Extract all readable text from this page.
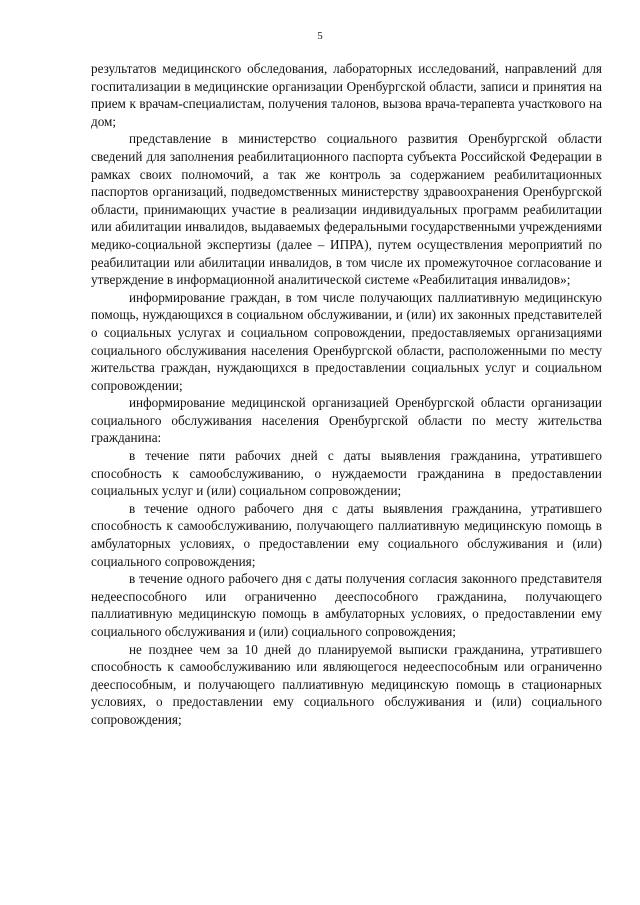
5

результатов медицинского обследования, лабораторных исследований, направлений для госпитализации в медицинские организации Оренбургской области, записи и принятия на прием к врачам-специалистам, получения талонов, вызова врача-терапевта участкового на дом;

представление в министерство социального развития Оренбургской области сведений для заполнения реабилитационного паспорта субъекта Российской Федерации в рамках своих полномочий, а так же контроль за содержанием реабилитационных паспортов организаций, подведомственных министерству здравоохранения Оренбургской области, принимающих участие в реализации индивидуальных программ реабилитации или абилитации инвалидов, выдаваемых федеральными государственными учреждениями медико-социальной экспертизы (далее – ИПРА), путем осуществления мероприятий по реабилитации или абилитации инвалидов, в том числе их промежуточное согласование и утверждение в информационной аналитической системе «Реабилитация инвалидов»;

информирование граждан, в том числе получающих паллиативную медицинскую помощь, нуждающихся в социальном обслуживании, и (или) их законных представителей о социальных услугах и социальном сопровождении, предоставляемых организациями социального обслуживания населения Оренбургской области, расположенными по месту жительства граждан, нуждающихся в предоставлении социальных услуг и социальном сопровождении;

информирование медицинской организацией Оренбургской области организации социального обслуживания населения Оренбургской области по месту жительства гражданина:

в течение пяти рабочих дней с даты выявления гражданина, утратившего способность к самообслуживанию, о нуждаемости гражданина в предоставлении социальных услуг и (или) социальном сопровождении;

в течение одного рабочего дня с даты выявления гражданина, утратившего способность к самообслуживанию, получающего паллиативную медицинскую помощь в амбулаторных условиях, о предоставлении ему социального обслуживания и (или) социального сопровождения;

в течение одного рабочего дня с даты получения согласия законного представителя недееспособного или ограниченно дееспособного гражданина, получающего паллиативную медицинскую помощь в амбулаторных условиях, о предоставлении ему социального обслуживания и (или) социального сопровождения;

не позднее чем за 10 дней до планируемой выписки гражданина, утратившего способность к самообслуживанию или являющегося недееспособным или ограниченно дееспособным, и получающего паллиативную медицинскую помощь в стационарных условиях, о предоставлении ему социального обслуживания и (или) социального сопровождения;
